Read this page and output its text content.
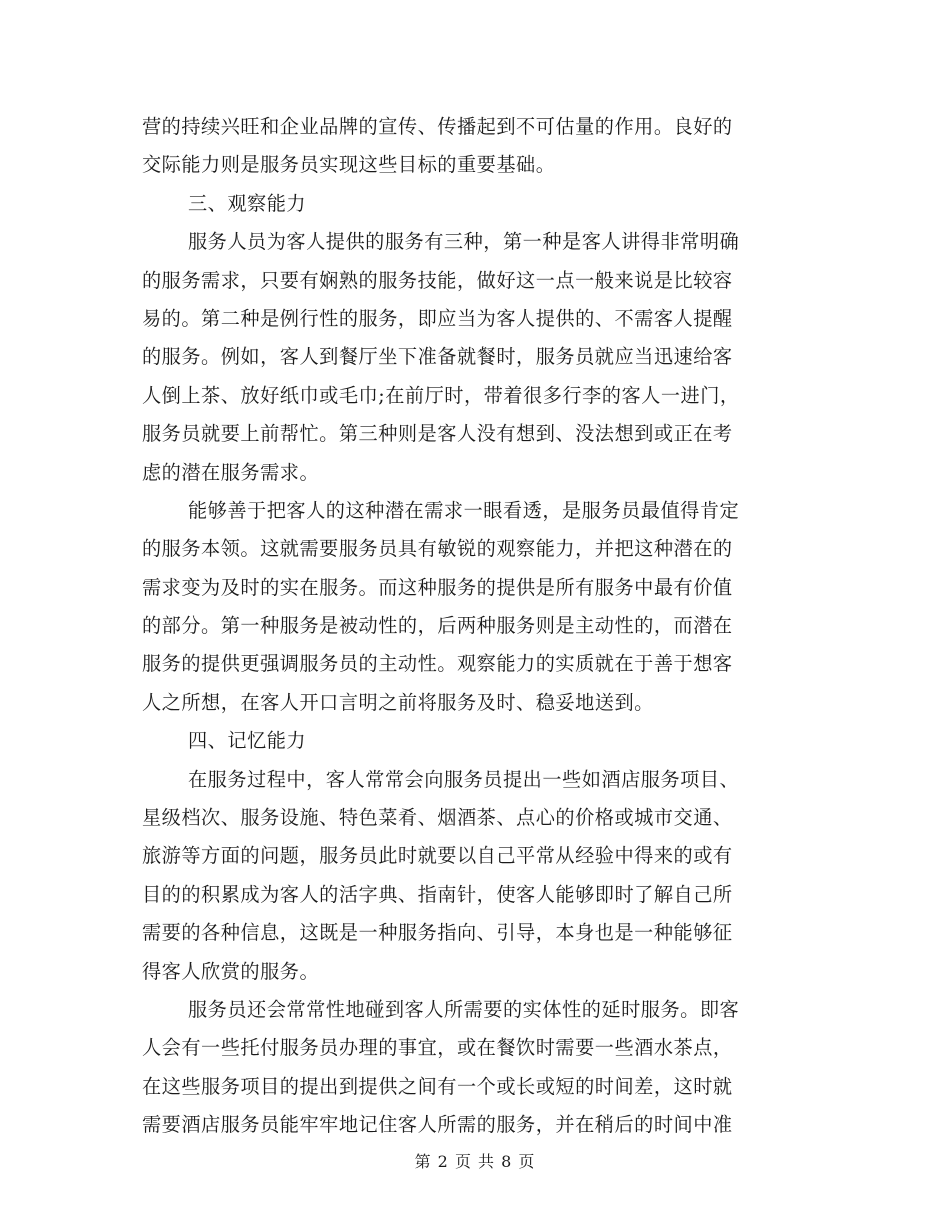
营的持续兴旺和企业品牌的宣传、传播起到不可估量的作用。良好的
交际能力则是服务员实现这些目标的重要基础。
三、观察能力
服务人员为客人提供的服务有三种，第一种是客人讲得非常明确
的服务需求，只要有娴熟的服务技能，做好这一点一般来说是比较容
易的。第二种是例行性的服务，即应当为客人提供的、不需客人提醒
的服务。例如，客人到餐厅坐下准备就餐时，服务员就应当迅速给客
人倒上茶、放好纸巾或毛巾;在前厅时，带着很多行李的客人一进门，
服务员就要上前帮忙。第三种则是客人没有想到、没法想到或正在考
虑的潜在服务需求。
能够善于把客人的这种潜在需求一眼看透，是服务员最值得肯定
的服务本领。这就需要服务员具有敏锐的观察能力，并把这种潜在的
需求变为及时的实在服务。而这种服务的提供是所有服务中最有价值
的部分。第一种服务是被动性的，后两种服务则是主动性的，而潜在
服务的提供更强调服务员的主动性。观察能力的实质就在于善于想客
人之所想，在客人开口言明之前将服务及时、稳妥地送到。
四、记忆能力
在服务过程中，客人常常会向服务员提出一些如酒店服务项目、
星级档次、服务设施、特色菜肴、烟酒茶、点心的价格或城市交通、
旅游等方面的问题，服务员此时就要以自己平常从经验中得来的或有
目的的积累成为客人的活字典、指南针，使客人能够即时了解自己所
需要的各种信息，这既是一种服务指向、引导，本身也是一种能够征
得客人欣赏的服务。
服务员还会常常性地碰到客人所需要的实体性的延时服务。即客
人会有一些托付服务员办理的事宜，或在餐饮时需要一些酒水茶点，
在这些服务项目的提出到提供之间有一个或长或短的时间差，这时就
需要酒店服务员能牢牢地记住客人所需的服务，并在稍后的时间中准
第 2 页 共 8 页
